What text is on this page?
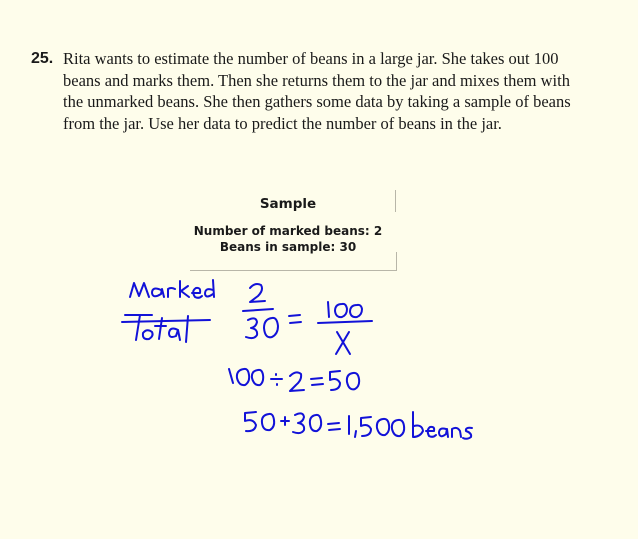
25. Rita wants to estimate the number of beans in a large jar. She takes out 100 beans and marks them. Then she returns them to the jar and mixes them with the unmarked beans. She then gathers some data by taking a sample of beans from the jar. Use her data to predict the number of beans in the jar.
Sample
Number of marked beans: 2
Beans in sample: 30
